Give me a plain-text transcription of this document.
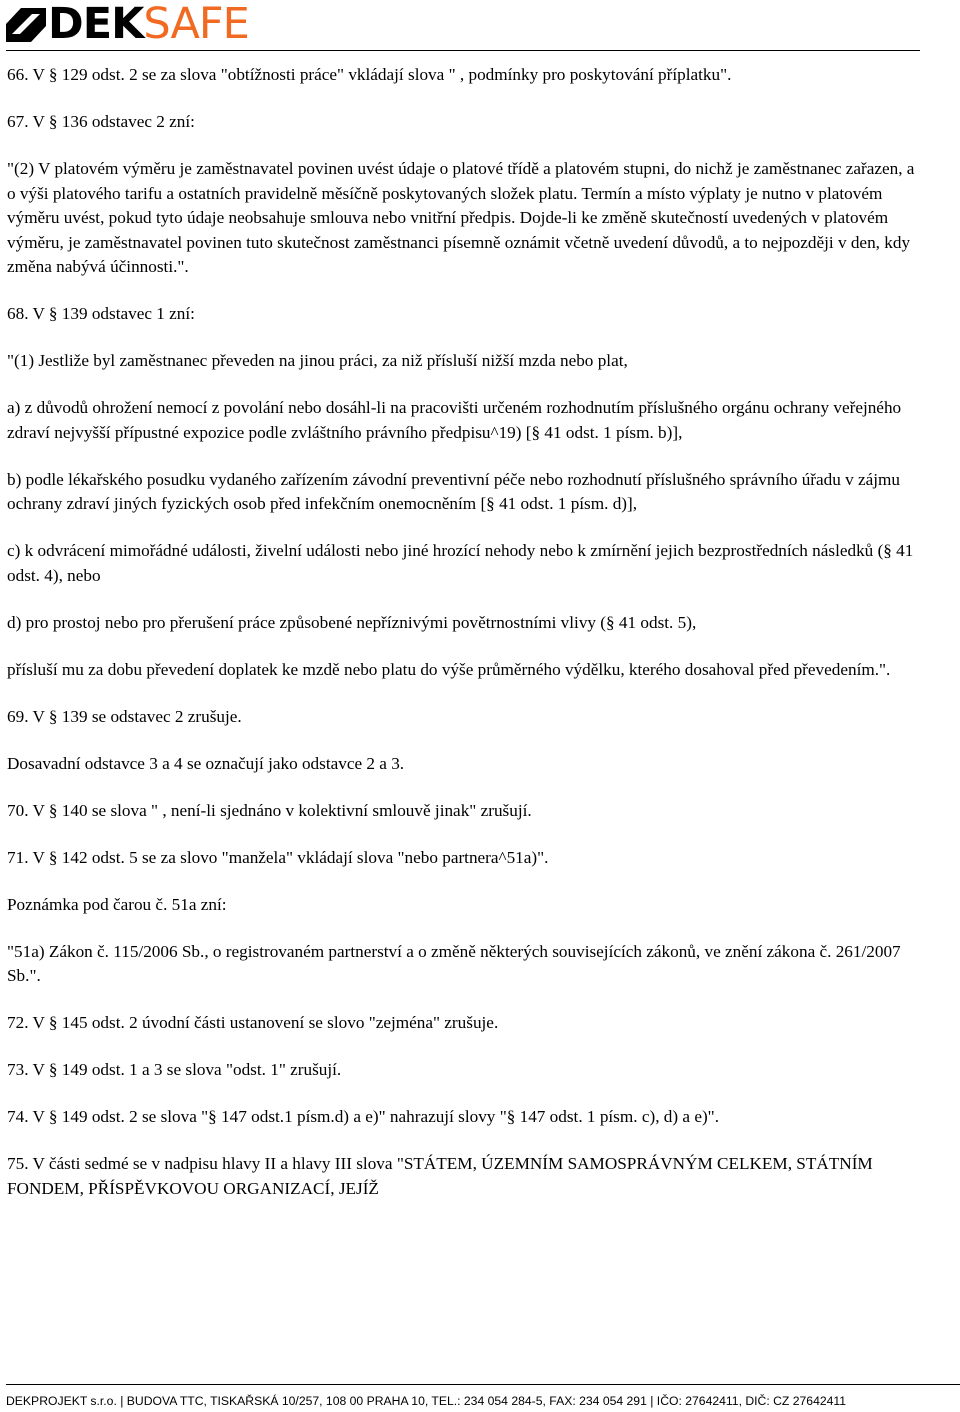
DEKSAFE

66. V § 129 odst. 2 se za slova "obtížnosti práce" vkládají slova " , podmínky pro poskytování příplatku".

67. V § 136 odstavec 2 zní:

"(2) V platovém výměru je zaměstnavatel povinen uvést údaje o platové třídě a platovém stupni, do nichž je zaměstnanec zařazen, a o výši platového tarifu a ostatních pravidelně měsíčně poskytovaných složek platu. Termín a místo výplaty je nutno v platovém výměru uvést, pokud tyto údaje neobsahuje smlouva nebo vnitřní předpis. Dojde-li ke změně skutečností uvedených v platovém výměru, je zaměstnavatel povinen tuto skutečnost zaměstnanci písemně oznámit včetně uvedení důvodů, a to nejpozději v den, kdy změna nabývá účinnosti.".

68. V § 139 odstavec 1 zní:

"(1) Jestliže byl zaměstnanec převeden na jinou práci, za niž přísluší nižší mzda nebo plat,

a) z důvodů ohrožení nemocí z povolání nebo dosáhl-li na pracovišti určeném rozhodnutím příslušného orgánu ochrany veřejného zdraví nejvyšší přípustné expozice podle zvláštního právního předpisu^19) [§ 41 odst. 1 písm. b)],

b) podle lékařského posudku vydaného zařízením závodní preventivní péče nebo rozhodnutí příslušného správního úřadu v zájmu ochrany zdraví jiných fyzických osob před infekčním onemocněním [§ 41 odst. 1 písm. d)],

c) k odvrácení mimořádné události, živelní události nebo jiné hrozící nehody nebo k zmírnění jejich bezprostředních následků (§ 41 odst. 4), nebo

d) pro prostoj nebo pro přerušení práce způsobené nepříznivými povětrnostními vlivy (§ 41 odst. 5),

přísluší mu za dobu převedení doplatek ke mzdě nebo platu do výše průměrného výdělku, kterého dosahoval před převedením.".

69. V § 139 se odstavec 2 zrušuje.

Dosavadní odstavce 3 a 4 se označují jako odstavce 2 a 3.

70. V § 140 se slova " , není-li sjednáno v kolektivní smlouvě jinak" zrušují.

71. V § 142 odst. 5 se za slovo "manžela" vkládají slova "nebo partnera^51a)".

Poznámka pod čarou č. 51a zní:

"51a) Zákon č. 115/2006 Sb., o registrovaném partnerství a o změně některých souvisejících zákonů, ve znění zákona č. 261/2007 Sb.".

72. V § 145 odst. 2 úvodní části ustanovení se slovo "zejména" zrušuje.

73. V § 149 odst. 1 a 3 se slova "odst. 1" zrušují.

74. V § 149 odst. 2 se slova "§ 147 odst.1 písm.d) a e)" nahrazují slovy "§ 147 odst. 1 písm. c), d) a e)".

75. V části sedmé se v nadpisu hlavy II a hlavy III slova "STÁTEM, ÚZEMNÍM SAMOSPRÁVNÝM CELKEM, STÁTNÍM FONDEM, PŘÍSPĚVKOVOU ORGANIZACÍ, JEJÍŽ

DEKPROJEKT s.r.o. | BUDOVA TTC, TISKAŘSKÁ 10/257, 108 00 PRAHA 10, TEL.: 234 054 284-5, FAX: 234 054 291 | IČO: 27642411, DIČ: CZ 27642411
